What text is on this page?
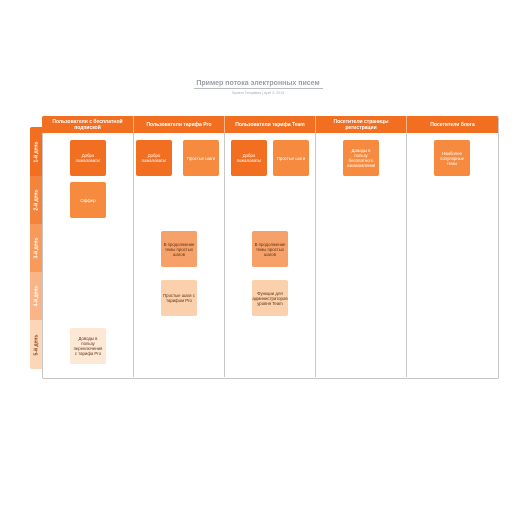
Пример потока электронных писем
System Templates | April 3, 2019
Пользователи с бесплатной подпиской	Пользователи тарифа Pro	Пользователи тарифа Team	Посетители страницы регистрации	Посетители блога
1-й день
2-й день
3-й день
4-й день
5-й день
Добро пожаловать!
Оффер
Доводы в пользу переключения с тарифа Pro
Добро пожаловать!	Простые шаги
В продолжение темы простых шагов
Простые шаги с тарифом Pro
Добро пожаловать!	Простые шаги
В продолжение темы простых шагов
Функции для администраторов уровня Team
Доводы в пользу бесплатного ознакомления
Наиболее популярные темы
